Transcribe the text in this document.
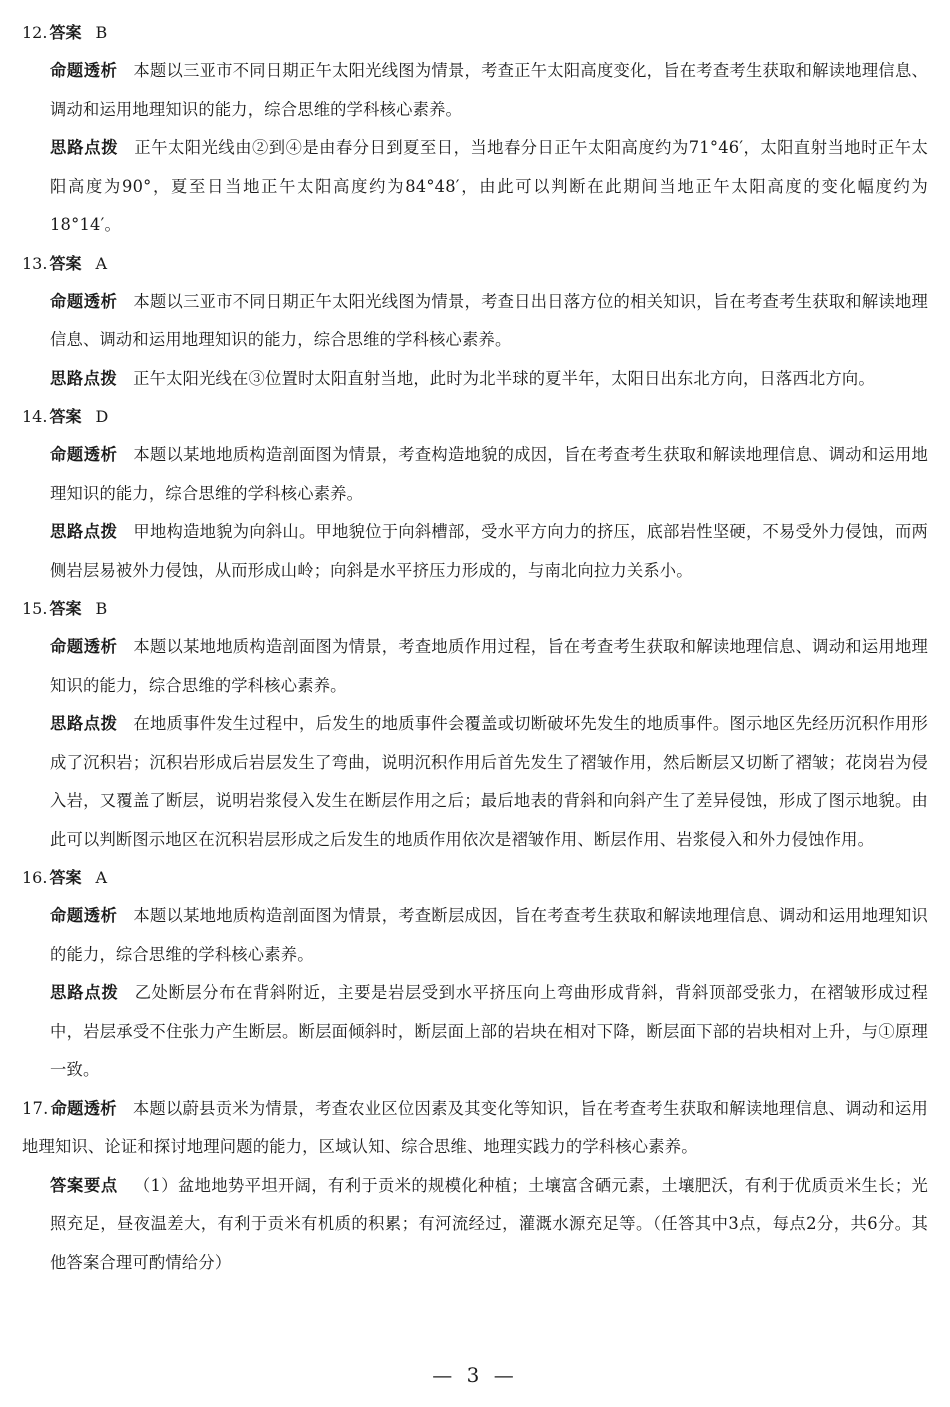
12. 答案 B

命题透析 本题以三亚市不同日期正午太阳光线图为情景，考查正午太阳高度变化，旨在考查考生获取和解读地理信息、调动和运用地理知识的能力，综合思维的学科核心素养。

思路点拨 正午太阳光线由②到④是由春分日到夏至日，当地春分日正午太阳高度约为71°46′，太阳直射当地时正午太阳高度为90°，夏至日当地正午太阳高度约为84°48′，由此可以判断在此期间当地正午太阳高度的变化幅度约为18°14′。

13. 答案 A

命题透析 本题以三亚市不同日期正午太阳光线图为情景，考查日出日落方位的相关知识，旨在考查考生获取和解读地理信息、调动和运用地理知识的能力，综合思维的学科核心素养。

思路点拨 正午太阳光线在③位置时太阳直射当地，此时为北半球的夏半年，太阳日出东北方向，日落西北方向。

14. 答案 D

命题透析 本题以某地地质构造剖面图为情景，考查构造地貌的成因，旨在考查考生获取和解读地理信息、调动和运用地理知识的能力，综合思维的学科核心素养。

思路点拨 甲地构造地貌为向斜山。甲地貌位于向斜槽部，受水平方向力的挤压，底部岩性坚硬，不易受外力侵蚀，而两侧岩层易被外力侵蚀，从而形成山岭；向斜是水平挤压力形成的，与南北向拉力关系小。

15. 答案 B

命题透析 本题以某地地质构造剖面图为情景，考查地质作用过程，旨在考查考生获取和解读地理信息、调动和运用地理知识的能力，综合思维的学科核心素养。

思路点拨 在地质事件发生过程中，后发生的地质事件会覆盖或切断破坏先发生的地质事件。图示地区先经历沉积作用形成了沉积岩；沉积岩形成后岩层发生了弯曲，说明沉积作用后首先发生了褶皱作用，然后断层又切断了褶皱；花岗岩为侵入岩，又覆盖了断层，说明岩浆侵入发生在断层作用之后；最后地表的背斜和向斜产生了差异侵蚀，形成了图示地貌。由此可以判断图示地区在沉积岩层形成之后发生的地质作用依次是褶皱作用、断层作用、岩浆侵入和外力侵蚀作用。

16. 答案 A

命题透析 本题以某地地质构造剖面图为情景，考查断层成因，旨在考查考生获取和解读地理信息、调动和运用地理知识的能力，综合思维的学科核心素养。

思路点拨 乙处断层分布在背斜附近，主要是岩层受到水平挤压向上弯曲形成背斜，背斜顶部受张力，在褶皱形成过程中，岩层承受不住张力产生断层。断层面倾斜时，断层面上部的岩块在相对下降，断层面下部的岩块相对上升，与①原理一致。

17. 命题透析 本题以蔚县贡米为情景，考查农业区位因素及其变化等知识，旨在考查考生获取和解读地理信息、调动和运用地理知识、论证和探讨地理问题的能力，区域认知、综合思维、地理实践力的学科核心素养。

答案要点 （1）盆地地势平坦开阔，有利于贡米的规模化种植；土壤富含硒元素，土壤肥沃，有利于优质贡米生长；光照充足，昼夜温差大，有利于贡米有机质的积累；有河流经过，灌溉水源充足等。（任答其中3点，每点2分，共6分。其他答案合理可酌情给分）

— 3 —
